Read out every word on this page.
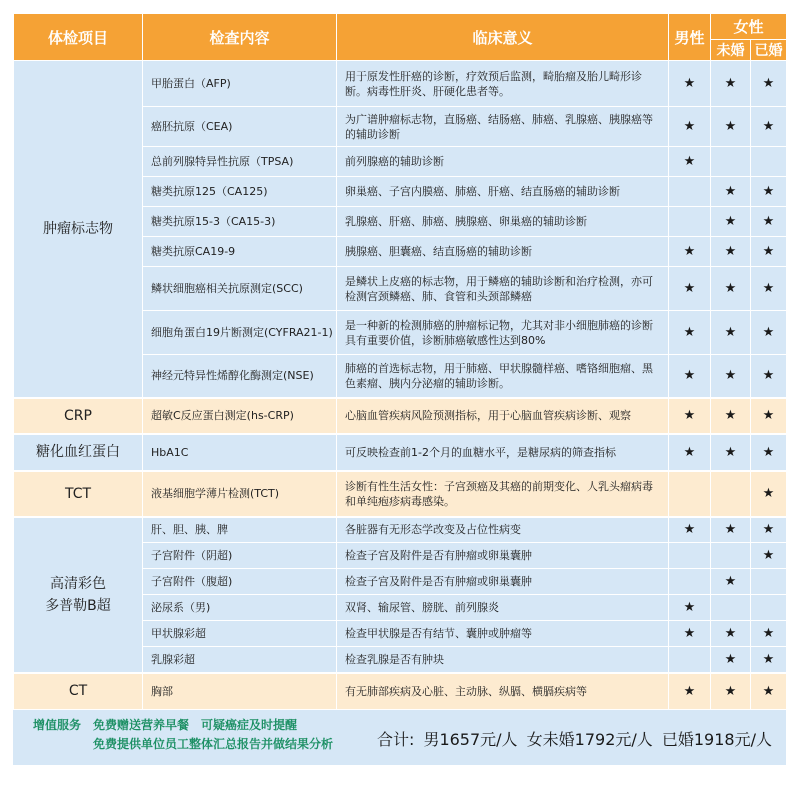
体检项目	检查内容	临床意义	男性	女性	
				未婚	已婚
肿瘤标志物	甲胎蛋白（AFP)	用于原发性肝癌的诊断，疗效预后监测，畸胎瘤及胎儿畸形诊断。病毒性肝炎、肝硬化患者等。	★	★	★
	癌胚抗原（CEA)	为广谱肿瘤标志物，直肠癌、结肠癌、肺癌、乳腺癌、胰腺癌等的辅助诊断	★	★	★
	总前列腺特异性抗原（TPSA)	前列腺癌的辅助诊断	★		
	糖类抗原125（CA125)	卵巢癌、子宫内膜癌、肺癌、肝癌、结直肠癌的辅助诊断		★	★
	糖类抗原15-3（CA15-3)	乳腺癌、肝癌、肺癌、胰腺癌、卵巢癌的辅助诊断		★	★
	糖类抗原CA19-9	胰腺癌、胆囊癌、结直肠癌的辅助诊断	★	★	★
	鳞状细胞癌相关抗原测定(SCC)	是鳞状上皮癌的标志物，用于鳞癌的辅助诊断和治疗检测，亦可检测宫颈鳞癌、肺、食管和头颈部鳞癌	★	★	★
	细胞角蛋白19片断测定(CYFRA21-1)	是一种新的检测肺癌的肿瘤标记物，尤其对非小细胞肺癌的诊断具有重要价值，诊断肺癌敏感性达到80%	★	★	★
	神经元特异性烯醇化酶测定(NSE)	肺癌的首选标志物，用于肺癌、甲状腺髓样癌、嗜铬细胞瘤、黑色素瘤、胰内分泌瘤的辅助诊断。	★	★	★
CRP	超敏C反应蛋白测定(hs-CRP)	心脑血管疾病风险预测指标，用于心脑血管疾病诊断、观察	★	★	★
糖化血红蛋白	HbA1C	可反映检查前1-2个月的血糖水平，是糖尿病的筛查指标	★	★	★
TCT	液基细胞学薄片检测(TCT)	诊断有性生活女性：子宫颈癌及其癌的前期变化、人乳头瘤病毒和单纯疱疹病毒感染。			★
高清彩色
多普勒B超	肝、胆、胰、脾	各脏器有无形态学改变及占位性病变	★	★	★
	子宫附件（阴超)	检查子宫及附件是否有肿瘤或卵巢囊肿			★
	子宫附件（腹超)	检查子宫及附件是否有肿瘤或卵巢囊肿		★	
	泌尿系（男)	双肾、输尿管、膀胱、前列腺炎	★		
	甲状腺彩超	检查甲状腺是否有结节、囊肿或肿瘤等	★	★	★
	乳腺彩超	检查乳腺是否有肿块		★	★
CT	胸部	有无肺部疾病及心脏、主动脉、纵膈、横膈疾病等	★	★	★
增值服务　免费赠送营养早餐　可疑癌症及时提醒
免费提供单位员工整体汇总报告并做结果分析	合计: 男1657元/人 女未婚1792元/人 已婚1918元/人
